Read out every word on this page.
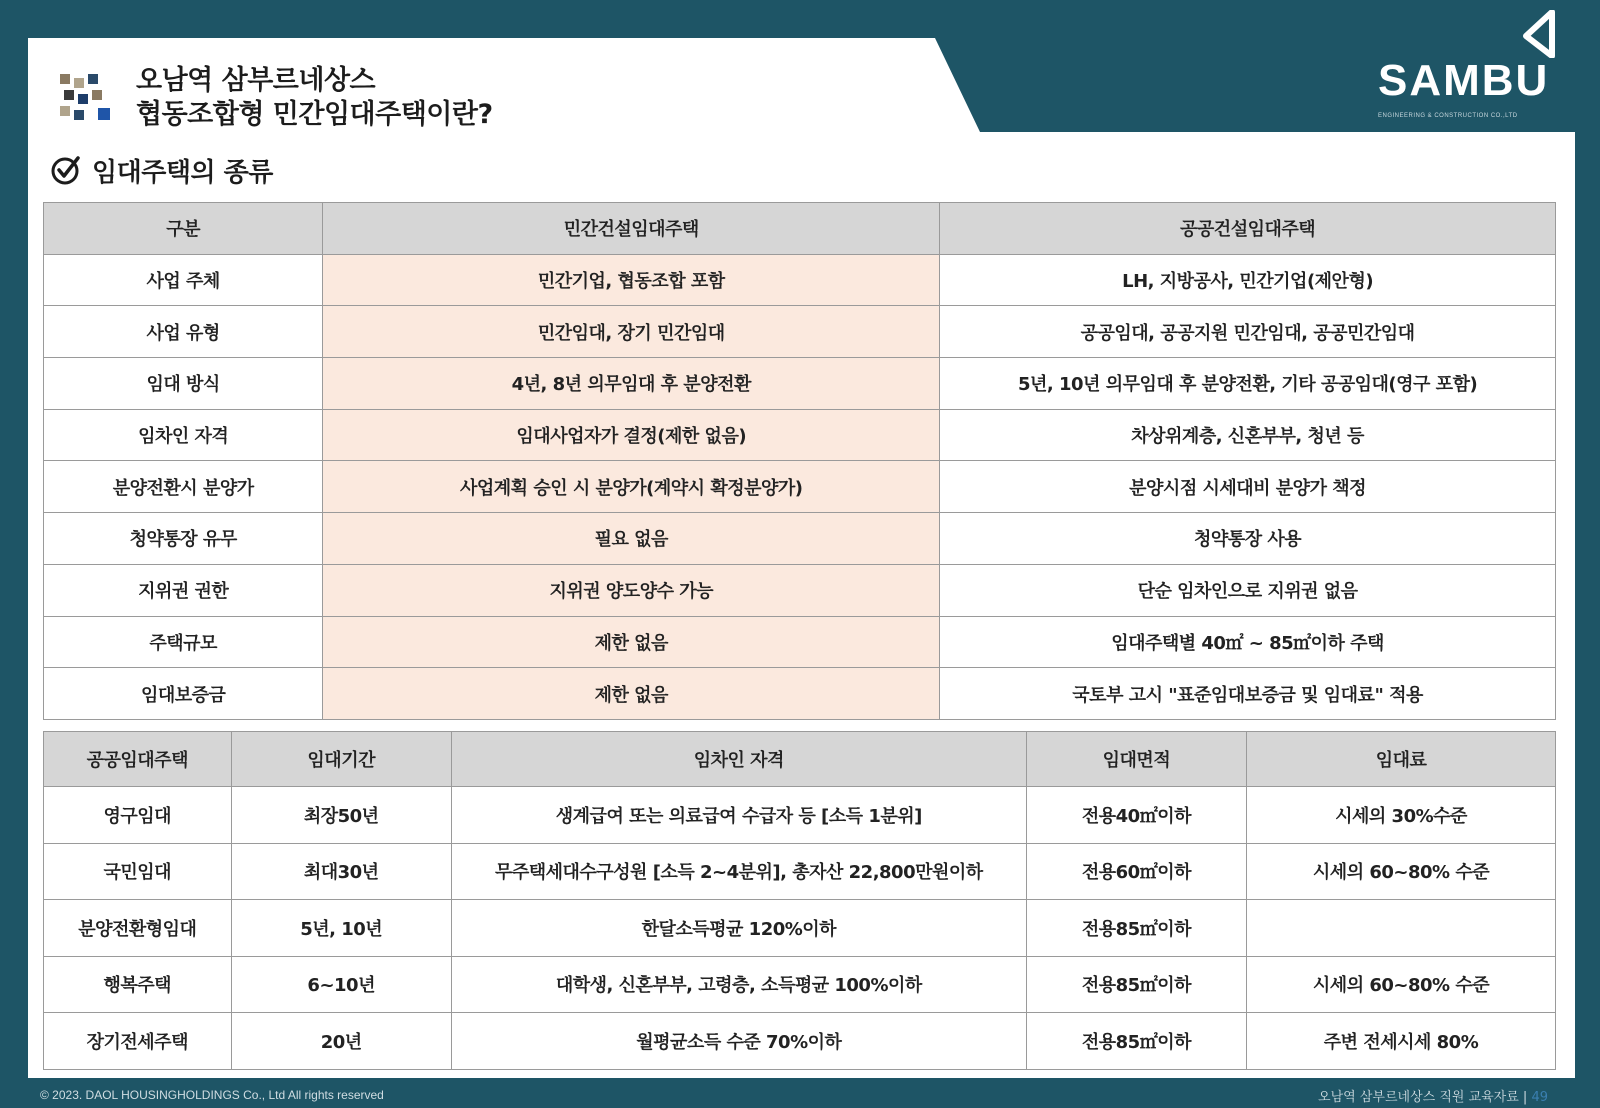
오남역 삼부르네상스
협동조합형 민간임대주택이란?
SAMBU
ENGINEERING & CONSTRUCTION CO.,LTD
임대주택의 종류
구분	민간건설임대주택	공공건설임대주택
사업 주체	민간기업, 협동조합 포함	LH, 지방공사, 민간기업(제안형)
사업 유형	민간임대, 장기 민간임대	공공임대, 공공지원 민간임대, 공공민간임대
임대 방식	4년, 8년 의무임대 후 분양전환	5년, 10년 의무임대 후 분양전환, 기타 공공임대(영구 포함)
임차인 자격	임대사업자가 결정(제한 없음)	차상위계층, 신혼부부, 청년 등
분양전환시 분양가	사업계획 승인 시 분양가(계약시 확정분양가)	분양시점 시세대비 분양가 책정
청약통장 유무	필요 없음	청약통장 사용
지위권 권한	지위권 양도양수 가능	단순 임차인으로 지위권 없음
주택규모	제한 없음	임대주택별 40㎡ ~ 85㎡이하 주택
임대보증금	제한 없음	국토부 고시 "표준임대보증금 및 임대료" 적용
공공임대주택	임대기간	임차인 자격	임대면적	임대료
영구임대	최장50년	생계급여 또는 의료급여 수급자 등 [소득 1분위]	전용40㎡이하	시세의 30%수준
국민임대	최대30년	무주택세대수구성원 [소득 2~4분위], 총자산 22,800만원이하	전용60㎡이하	시세의 60~80% 수준
분양전환형임대	5년, 10년	한달소득평균 120%이하	전용85㎡이하	
행복주택	6~10년	대학생, 신혼부부, 고령층, 소득평균 100%이하	전용85㎡이하	시세의 60~80% 수준
장기전세주택	20년	월평균소득 수준 70%이하	전용85㎡이하	주변 전세시세 80%
© 2023. DAOL HOUSINGHOLDINGS Co., Ltd All rights reserved	오남역 삼부르네상스 직원 교육자료 | 49
